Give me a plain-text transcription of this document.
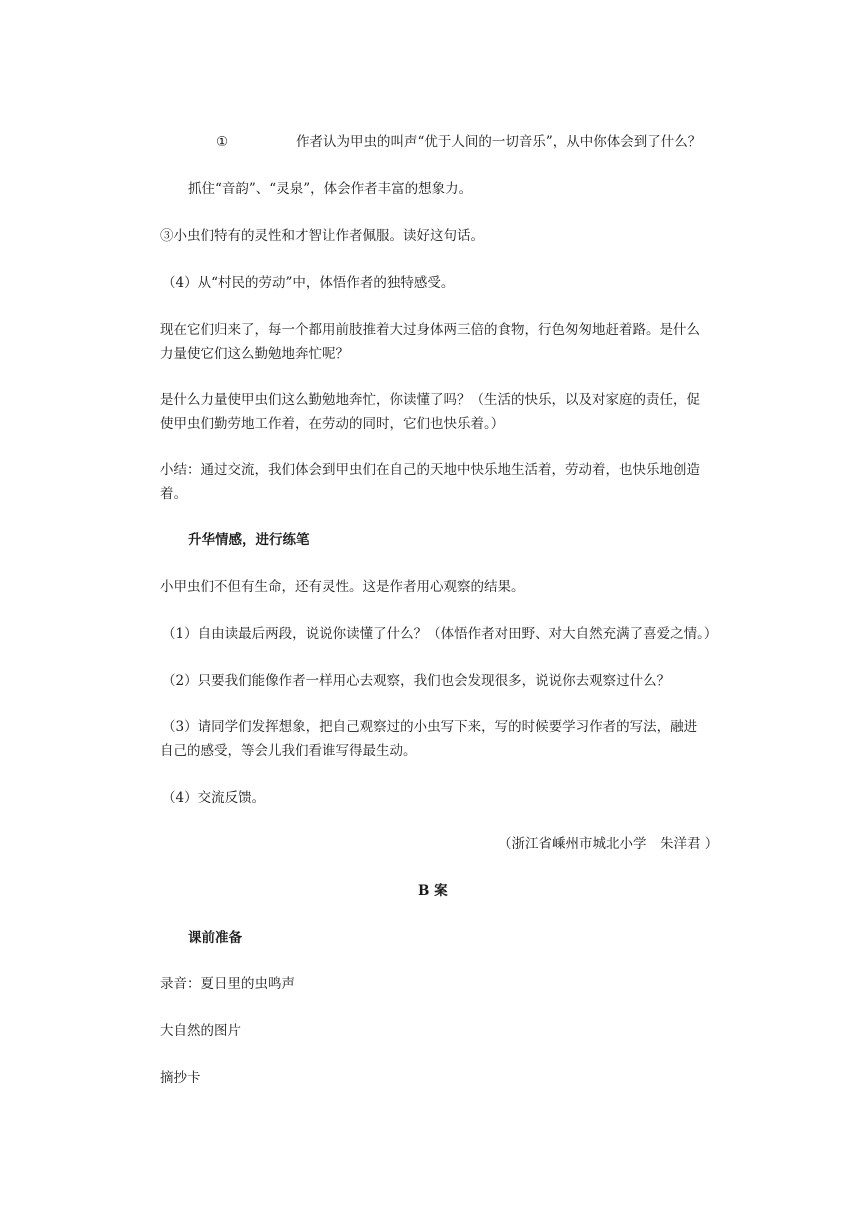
①	作者认为甲虫的叫声“优于人间的一切音乐”，从中你体会到了什么？
抓住“音韵”、“灵泉”，体会作者丰富的想象力。
③小虫们特有的灵性和才智让作者佩服。读好这句话。
（4）从“村民的劳动”中，体悟作者的独特感受。
现在它们归来了，每一个都用前肢推着大过身体两三倍的食物，行色匆匆地赶着路。是什么
力量使它们这么勤勉地奔忙呢？
是什么力量使甲虫们这么勤勉地奔忙，你读懂了吗？（生活的快乐，以及对家庭的责任，促
使甲虫们勤劳地工作着，在劳动的同时，它们也快乐着。）
小结：通过交流，我们体会到甲虫们在自己的天地中快乐地生活着，劳动着，也快乐地创造
着。
升华情感，进行练笔
小甲虫们不但有生命，还有灵性。这是作者用心观察的结果。
（1）自由读最后两段，说说你读懂了什么？（体悟作者对田野、对大自然充满了喜爱之情。）
（2）只要我们能像作者一样用心去观察，我们也会发现很多，说说你去观察过什么？
（3）请同学们发挥想象，把自己观察过的小虫写下来，写的时候要学习作者的写法，融进
自己的感受，等会儿我们看谁写得最生动。
（4）交流反馈。
（浙江省嵊州市城北小学　朱洋君 ）
B 案
课前准备
录音：夏日里的虫鸣声
大自然的图片
摘抄卡
